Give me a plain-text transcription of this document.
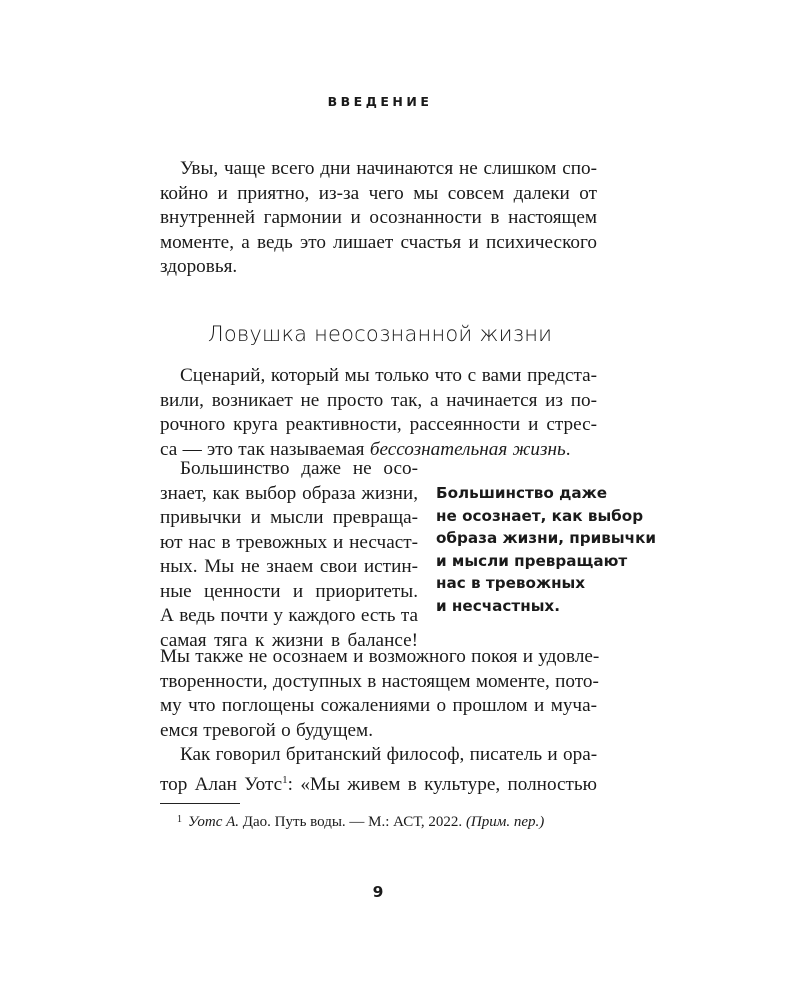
ВВЕДЕНИЕ
Увы, чаще всего дни начинаются не слишком спо-
койно и приятно, из-за чего мы совсем далеки от
внутренней гармонии и осознанности в настоящем
моменте, а ведь это лишает счастья и психического
здоровья.
Ловушка неосознанной жизни
Сценарий, который мы только что с вами предста-
вили, возникает не просто так, а начинается из по-
рочного круга реактивности, рассеянности и стрес-
са — это так называемая бессознательная жизнь.
Большинство даже не осо-
знает, как выбор образа жизни,
привычки и мысли превраща-
ют нас в тревожных и несчаст-
ных. Мы не знаем свои истин-
ные ценности и приоритеты.
А ведь почти у каждого есть та
самая тяга к жизни в балансе!
Мы также не осознаем и возможного покоя и удовле-
творенности, доступных в настоящем моменте, пото-
му что поглощены сожалениями о прошлом и муча-
емся тревогой о будущем.
Большинство даже
не осознает, как выбор
образа жизни, привычки
и мысли превращают
нас в тревожных
и несчастных.
Как говорил британский философ, писатель и ора-
тор Алан Уотс$^1$: «Мы живем в культуре, полностью
$^1$ Уотс А. Дао. Путь воды. — М.: АСТ, 2022. (Прим. пер.)
9
